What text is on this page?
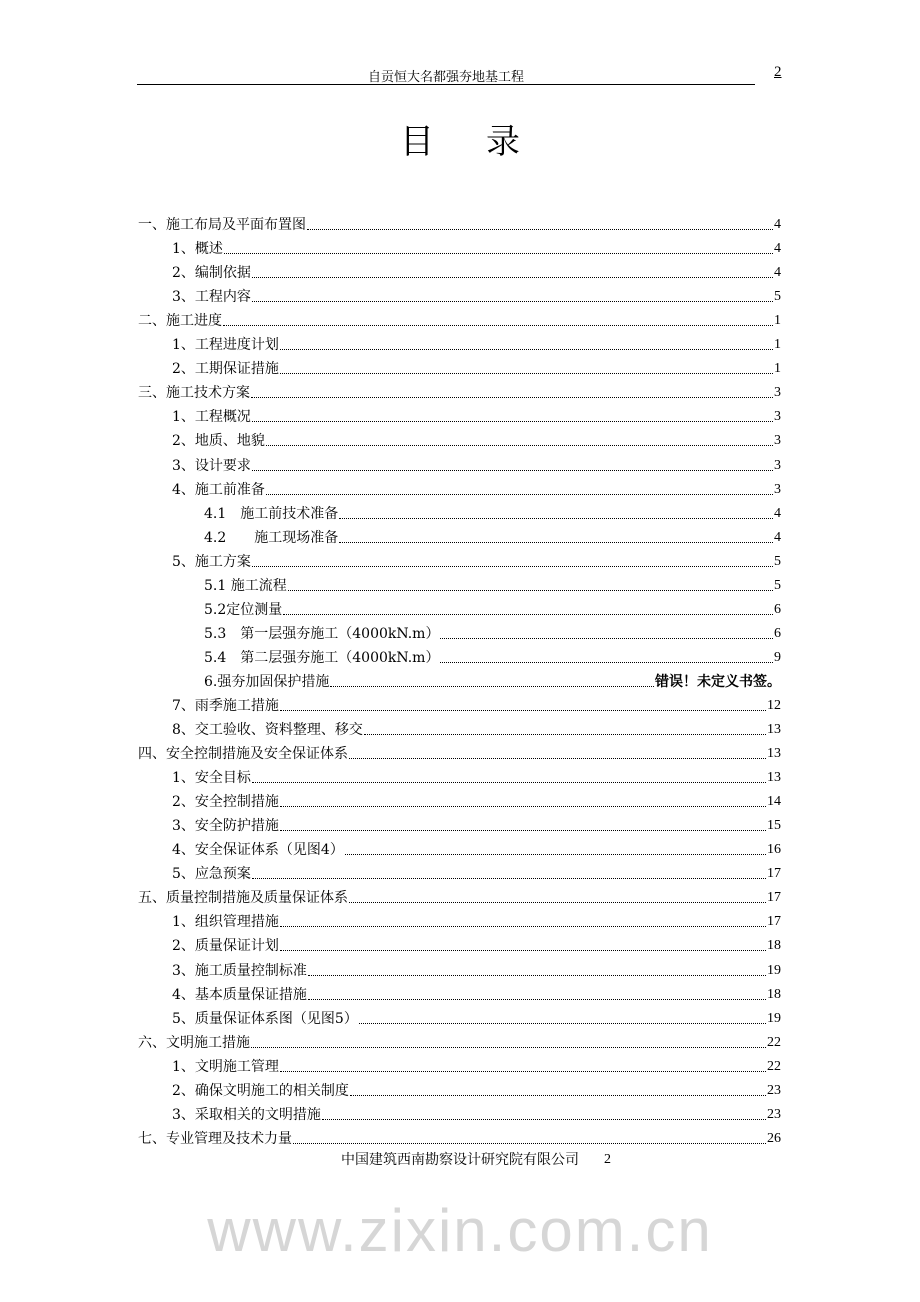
自贡恒大名都强夯地基工程	2
目录
一、施工布局及平面布置图	4
1、概述	4
2、编制依据	4
3、工程内容	5
二、施工进度	1
1、工程进度计划	1
2、工期保证措施	1
三、施工技术方案	3
1、工程概况	3
2、地质、地貌	3
3、设计要求	3
4、施工前准备	3
4.1　施工前技术准备	4
4.2　　施工现场准备	4
5、施工方案	5
5.1 施工流程	5
5.2定位测量	6
5.3　第一层强夯施工（4000kN.m）	6
5.4　第二层强夯施工（4000kN.m）	9
6.强夯加固保护措施	错误！未定义书签。
7、雨季施工措施	12
8、交工验收、资料整理、移交	13
四、安全控制措施及安全保证体系	13
1、安全目标	13
2、安全控制措施	14
3、安全防护措施	15
4、安全保证体系（见图4）	16
5、应急预案	17
五、质量控制措施及质量保证体系	17
1、组织管理措施	17
2、质量保证计划	18
3、施工质量控制标准	19
4、基本质量保证措施	18
5、质量保证体系图（见图5）	19
六、文明施工措施	22
1、文明施工管理	22
2、确保文明施工的相关制度	23
3、采取相关的文明措施	23
七、专业管理及技术力量	26
中国建筑西南勘察设计研究院有限公司	2
www.zixin.com.cn
